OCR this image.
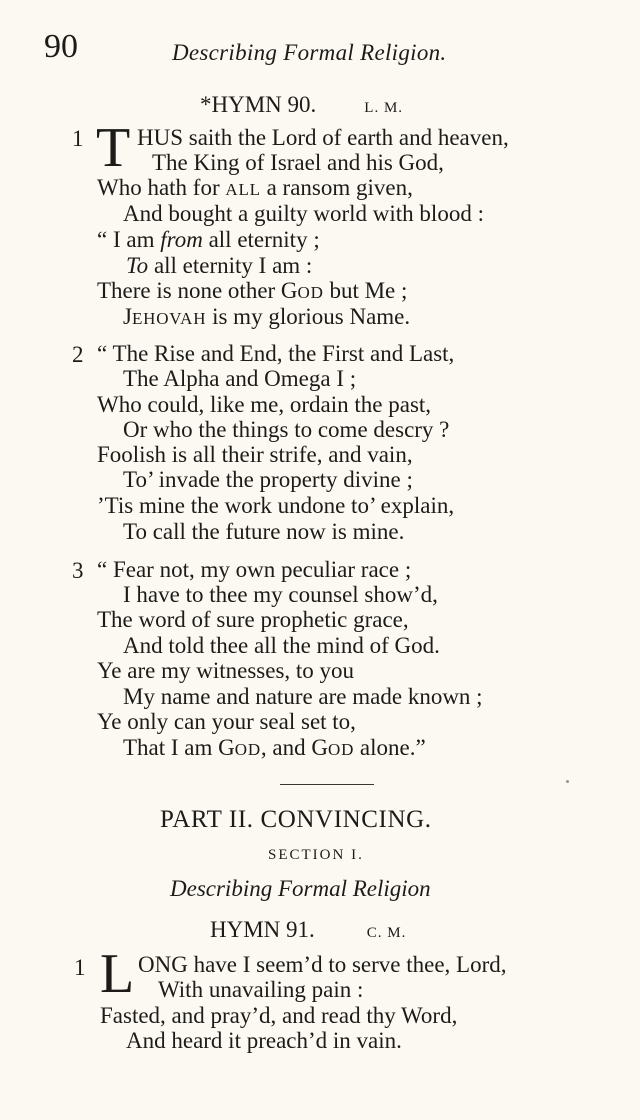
90	Describing Formal Religion.
*HYMN 90.	L. M.
1 T HUS saith the Lord of earth and heaven,
The King of Israel and his God,
Who hath for ALL a ransom given,
And bought a guilty world with blood :
“ I am from all eternity ;
To all eternity I am :
There is none other GOD but Me ;
JEHOVAH is my glorious Name.
2 “ The Rise and End, the First and Last,
The Alpha and Omega I ;
Who could, like me, ordain the past,
Or who the things to come descry ?
Foolish is all their strife, and vain,
To’ invade the property divine ;
’Tis mine the work undone to’ explain,
To call the future now is mine.
3 “ Fear not, my own peculiar race ;
I have to thee my counsel show’d,
The word of sure prophetic grace,
And told thee all the mind of God.
Ye are my witnesses, to you
My name and nature are made known ;
Ye only can your seal set to,
That I am GOD, and GOD alone.”
PART II. CONVINCING.
SECTION I.
Describing Formal Religion
HYMN 91.	C. M.
1 L ONG have I seem’d to serve thee, Lord,
With unavailing pain :
Fasted, and pray’d, and read thy Word,
And heard it preach’d in vain.
